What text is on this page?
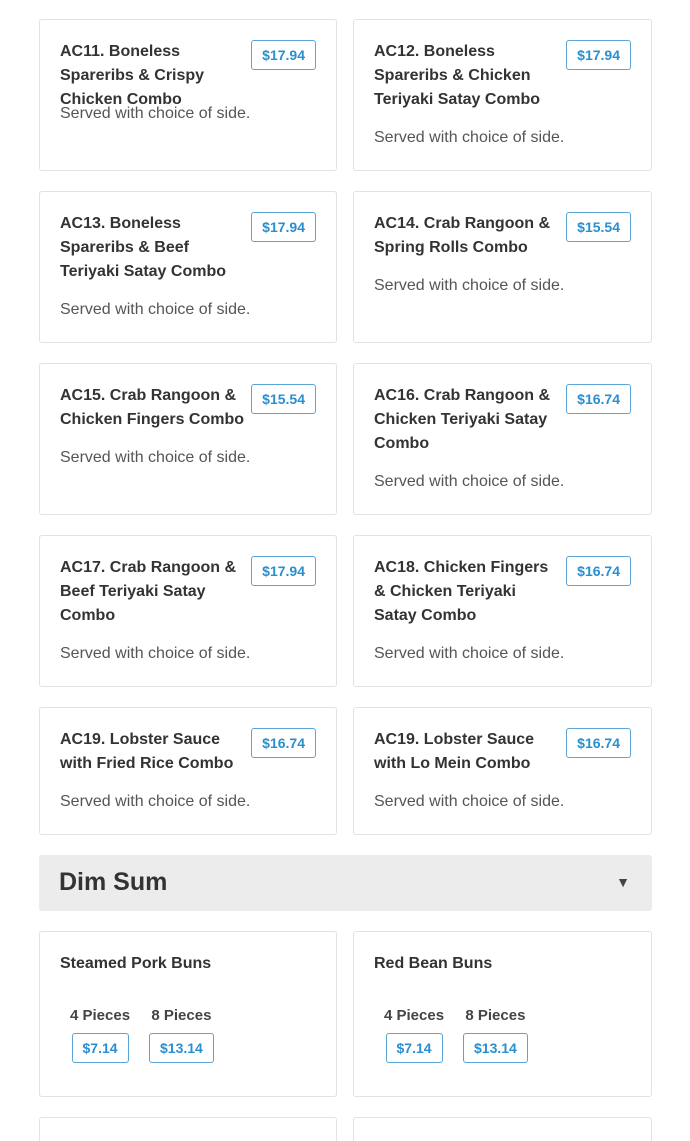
AC11. Boneless Spareribs & Crispy Chicken Combo
$17.94
Served with choice of side.
AC12. Boneless Spareribs & Chicken Teriyaki Satay Combo
$17.94
Served with choice of side.
AC13. Boneless Spareribs & Beef Teriyaki Satay Combo
$17.94
Served with choice of side.
AC14. Crab Rangoon & Spring Rolls Combo
$15.54
Served with choice of side.
AC15. Crab Rangoon & Chicken Fingers Combo
$15.54
Served with choice of side.
AC16. Crab Rangoon & Chicken Teriyaki Satay Combo
$16.74
Served with choice of side.
AC17. Crab Rangoon & Beef Teriyaki Satay Combo
$17.94
Served with choice of side.
AC18. Chicken Fingers & Chicken Teriyaki Satay Combo
$16.74
Served with choice of side.
AC19. Lobster Sauce with Fried Rice Combo
$16.74
Served with choice of side.
AC19. Lobster Sauce with Lo Mein Combo
$16.74
Served with choice of side.
Dim Sum	▼
Steamed Pork Buns
4 Pieces
$7.14
8 Pieces
$13.14
Red Bean Buns
4 Pieces
$7.14
8 Pieces
$13.14
